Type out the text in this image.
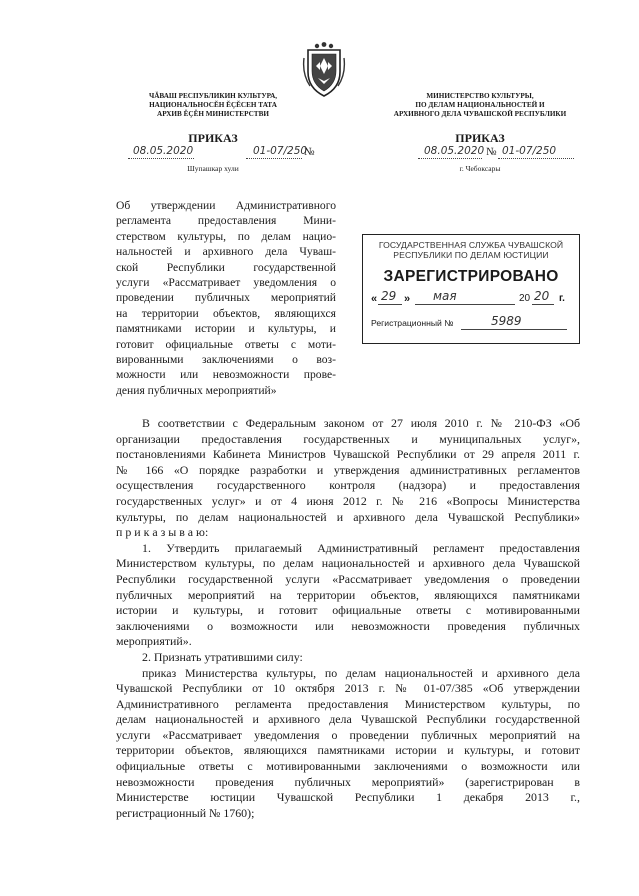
ЧĂВАШ РЕСПУБЛИКИН КУЛЬТУРА,
НАЦИОНАЛЬНОСĔН ĔÇĔСЕН ТАТА
АРХИВ ĔÇĔН МИНИСТЕРСТВИ
МИНИСТЕРСТВО КУЛЬТУРЫ,
ПО ДЕЛАМ НАЦИОНАЛЬНОСТЕЙ И
АРХИВНОГО ДЕЛА ЧУВАШСКОЙ РЕСПУБЛИКИ
ПРИКАЗ	ПРИКАЗ
08.05.2020	01-07/250
№
Шупашкар хули
08.05.2020 № 01-07/250
г. Чебоксары
Об утверждении Административного
регламента предоставления Мини-
стерством культуры, по делам нацио-
нальностей и архивного дела Чуваш-
ской Республики государственной
услуги «Рассматривает уведомления о
проведении публичных мероприятий
на территории объектов, являющихся
памятниками истории и культуры, и
готовит официальные ответы с моти-
вированными заключениями о воз-
можности или невозможности прове-
дения публичных мероприятий»
ГОСУДАРСТВЕННАЯ СЛУЖБА ЧУВАШСКОЙ
РЕСПУБЛИКИ ПО ДЕЛАМ ЮСТИЦИИ
ЗАРЕГИСТРИРОВАНО
« 29 » мая	20 20 г.
Регистрационный №	5989
В соответствии с Федеральным законом от 27 июля 2010 г. № 210-ФЗ «Об
организации предоставления государственных и муниципальных услуг»,
постановлениями Кабинета Министров Чувашской Республики от 29 апреля 2011 г.
№ 166 «О порядке разработки и утверждения административных регламентов
осуществления государственного контроля (надзора) и предоставления
государственных услуг» и от 4 июня 2012 г. № 216 «Вопросы Министерства
культуры, по делам национальностей и архивного дела Чувашской Республики»
п р и к а з ы в а ю:
1. Утвердить прилагаемый Административный регламент предоставления
Министерством культуры, по делам национальностей и архивного дела Чувашской
Республики государственной услуги «Рассматривает уведомления о проведении
публичных мероприятий на территории объектов, являющихся памятниками
истории и культуры, и готовит официальные ответы с мотивированными
заключениями о возможности или невозможности проведения публичных
мероприятий».
2. Признать утратившими силу:
приказ Министерства культуры, по делам национальностей и архивного дела
Чувашской Республики от 10 октября 2013 г. № 01-07/385 «Об утверждении
Административного регламента предоставления Министерством культуры, по
делам национальностей и архивного дела Чувашской Республики государственной
услуги «Рассматривает уведомления о проведении публичных мероприятий на
территории объектов, являющихся памятниками истории и культуры, и готовит
официальные ответы с мотивированными заключениями о возможности или
невозможности проведения публичных мероприятий» (зарегистрирован в
Министерстве юстиции Чувашской Республики 1 декабря 2013 г.,
регистрационный № 1760);
